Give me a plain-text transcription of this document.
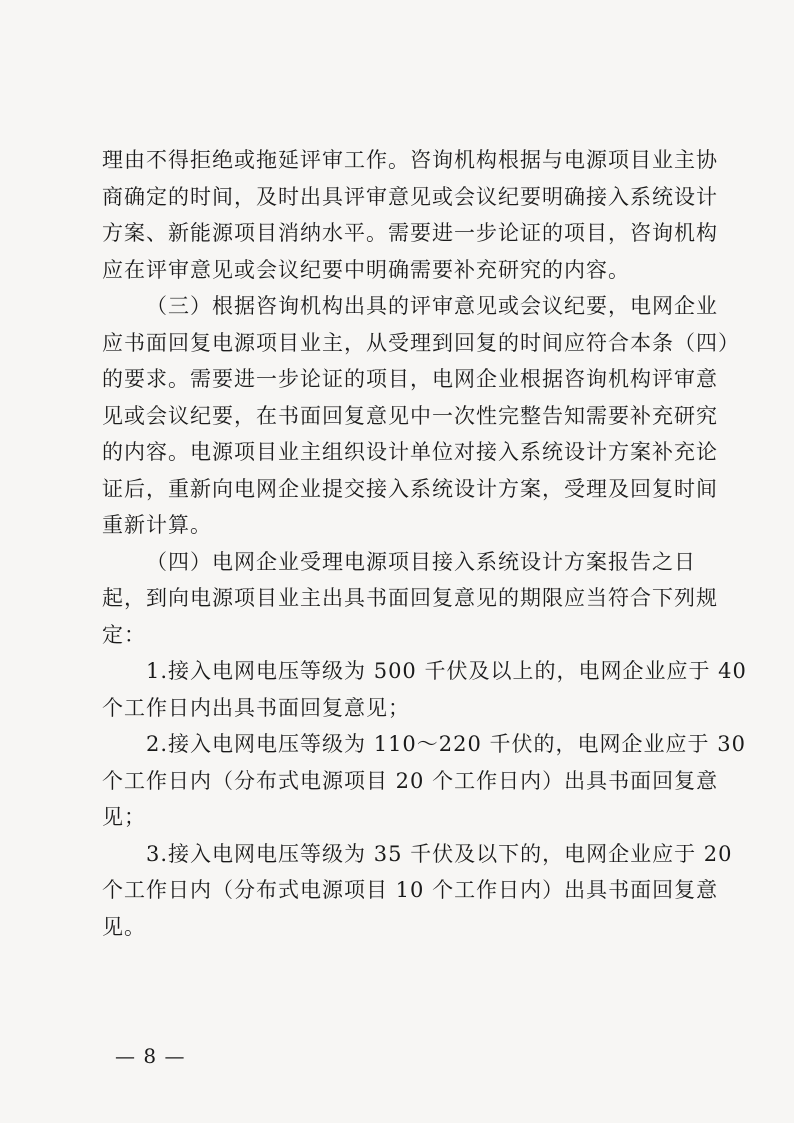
理由不得拒绝或拖延评审工作。咨询机构根据与电源项目业主协
商确定的时间，及时出具评审意见或会议纪要明确接入系统设计
方案、新能源项目消纳水平。需要进一步论证的项目，咨询机构
应在评审意见或会议纪要中明确需要补充研究的内容。
（三）根据咨询机构出具的评审意见或会议纪要，电网企业
应书面回复电源项目业主，从受理到回复的时间应符合本条（四）
的要求。需要进一步论证的项目，电网企业根据咨询机构评审意
见或会议纪要，在书面回复意见中一次性完整告知需要补充研究
的内容。电源项目业主组织设计单位对接入系统设计方案补充论
证后，重新向电网企业提交接入系统设计方案，受理及回复时间
重新计算。
（四）电网企业受理电源项目接入系统设计方案报告之日
起，到向电源项目业主出具书面回复意见的期限应当符合下列规
定：
1.接入电网电压等级为 500 千伏及以上的，电网企业应于 40
个工作日内出具书面回复意见；
2.接入电网电压等级为 110～220 千伏的，电网企业应于 30
个工作日内（分布式电源项目 20 个工作日内）出具书面回复意
见；
3.接入电网电压等级为 35 千伏及以下的，电网企业应于 20
个工作日内（分布式电源项目 10 个工作日内）出具书面回复意
见。
— 8 —
